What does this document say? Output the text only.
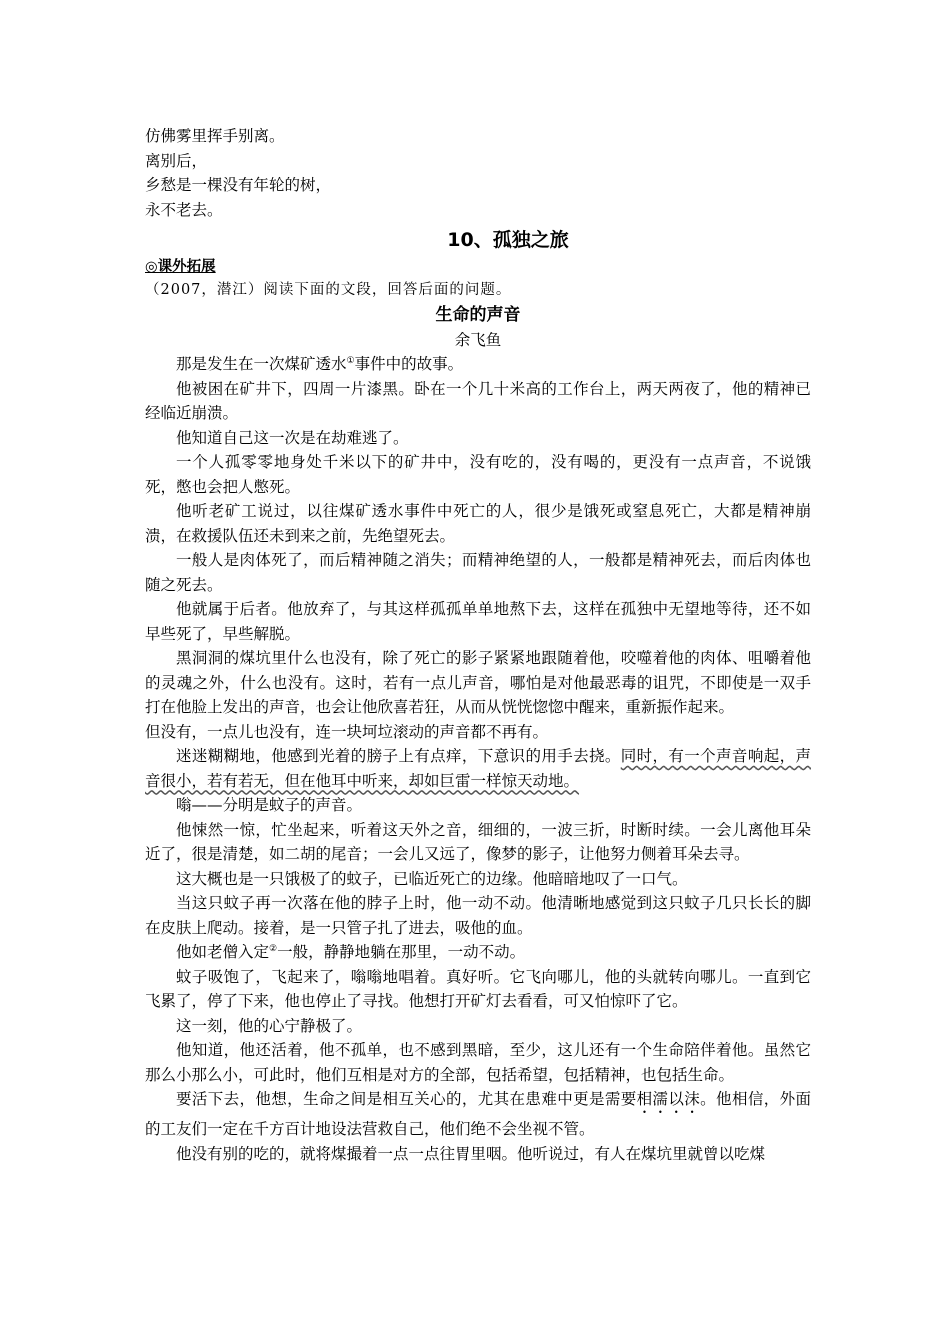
仿佛雾里挥手别离。
离别后，
乡愁是一棵没有年轮的树，
永不老去。
10、孤独之旅
◎课外拓展
（2007，潜江）阅读下面的文段，回答后面的问题。
生命的声音
余飞鱼

那是发生在一次煤矿透水①事件中的故事。

他被困在矿井下，四周一片漆黑。卧在一个几十米高的工作台上，两天两夜了，他的精神已经临近崩溃。

他知道自己这一次是在劫难逃了。

一个人孤零零地身处千米以下的矿井中，没有吃的，没有喝的，更没有一点声音，不说饿死，憋也会把人憋死。

他听老矿工说过，以往煤矿透水事件中死亡的人，很少是饿死或窒息死亡，大都是精神崩溃，在救援队伍还未到来之前，先绝望死去。

一般人是肉体死了，而后精神随之消失；而精神绝望的人，一般都是精神死去，而后肉体也随之死去。

他就属于后者。他放弃了，与其这样孤孤单单地熬下去，这样在孤独中无望地等待，还不如早些死了，早些解脱。

黑洞洞的煤坑里什么也没有，除了死亡的影子紧紧地跟随着他，咬噬着他的肉体、咀嚼着他的灵魂之外，什么也没有。这时，若有一点儿声音，哪怕是对他最恶毒的诅咒，不即使是一双手打在他脸上发出的声音，也会让他欣喜若狂，从而从恍恍惚惚中醒来，重新振作起来。

但没有，一点儿也没有，连一块坷垃滚动的声音都不再有。

迷迷糊糊地，他感到光着的膀子上有点痒，下意识的用手去挠。同时，有一个声音响起，声音很小，若有若无，但在他耳中听来，却如巨雷一样惊天动地。

嗡——分明是蚊子的声音。

他悚然一惊，忙坐起来，听着这天外之音，细细的，一波三折，时断时续。一会儿离他耳朵近了，很是清楚，如二胡的尾音；一会儿又远了，像梦的影子，让他努力侧着耳朵去寻。

这大概也是一只饿极了的蚊子，已临近死亡的边缘。他暗暗地叹了一口气。

当这只蚊子再一次落在他的脖子上时，他一动不动。他清晰地感觉到这只蚊子几只长长的脚在皮肤上爬动。接着，是一只管子扎了进去，吸他的血。

他如老僧入定②一般，静静地躺在那里，一动不动。

蚊子吸饱了，飞起来了，嗡嗡地唱着。真好听。它飞向哪儿，他的头就转向哪儿。一直到它飞累了，停了下来，他也停止了寻找。他想打开矿灯去看看，可又怕惊吓了它。

这一刻，他的心宁静极了。

他知道，他还活着，他不孤单，也不感到黑暗，至少，这儿还有一个生命陪伴着他。虽然它那么小那么小，可此时，他们互相是对方的全部，包括希望，包括精神，也包括生命。

要活下去，他想，生命之间是相互关心的，尤其在患难中更是需要相濡以沫。他相信，外面的工友们一定在千方百计地设法营救自己，他们绝不会坐视不管。

他没有别的吃的，就将煤撮着一点一点往胃里咽。他听说过，有人在煤坑里就曾以吃煤
